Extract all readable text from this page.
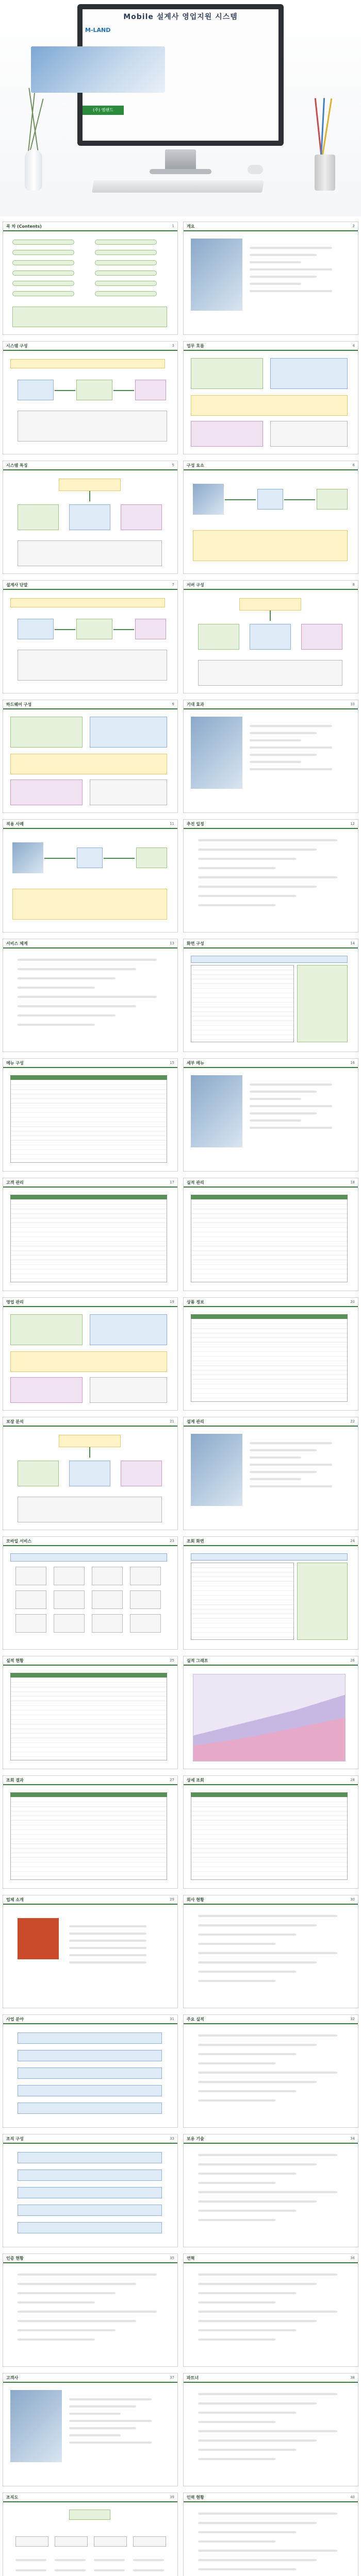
Mobile 설계사 영업지원 시스템
M-LAND
(주) 엠랜드
목 차 (Contents)	1	개요	2
시스템 구성	3	업무 흐름	4
시스템 특징	5	구성 요소	6
설계사 단말	7	서버 구성	8
하드웨어 구성	9	기대 효과	10
적용 사례	11	추진 일정	12
서비스 체계	13	화면 구성	14
메뉴 구성	15	세부 메뉴	16
고객 관리	17	실적 관리	18
영업 관리	19	상품 정보	20
보장 분석	21	설계 관리	22
모바일 서비스	23	조회 화면	24
실적 현황	25	실적 그래프	26
조회 결과	27	상세 조회	28
업체 소개	29	회사 현황	30
사업 분야	31	주요 실적	32
조직 구성	33	보유 기술	34
인증 현황	35	연혁	36
고객사	37	파트너	38
조직도	39	인력 현황	40
